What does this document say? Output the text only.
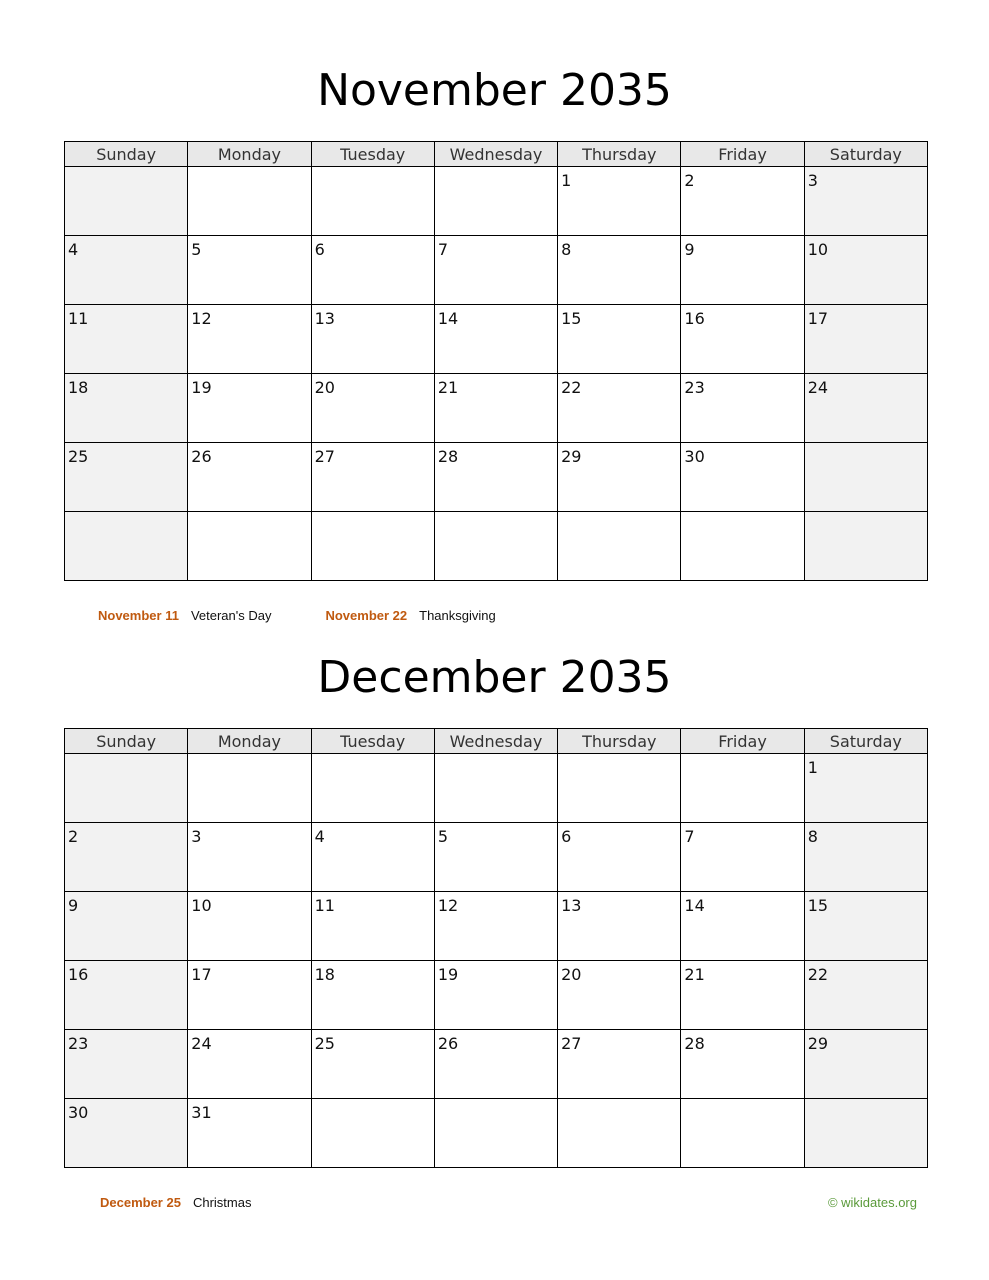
November 2035
Sunday	Monday	Tuesday	Wednesday	Thursday	Friday	Saturday

				1	2	3

4	5	6	7	8	9	10

11	12	13	14	15	16	17

18	19	20	21	22	23	24

25	26	27	28	29	30	

November 11 Veteran's Day	November 22 Thanksgiving
December 2035
Sunday	Monday	Tuesday	Wednesday	Thursday	Friday	Saturday

						1

2	3	4	5	6	7	8

9	10	11	12	13	14	15

16	17	18	19	20	21	22

23	24	25	26	27	28	29

30	31					

December 25 Christmas	© wikidates.org
